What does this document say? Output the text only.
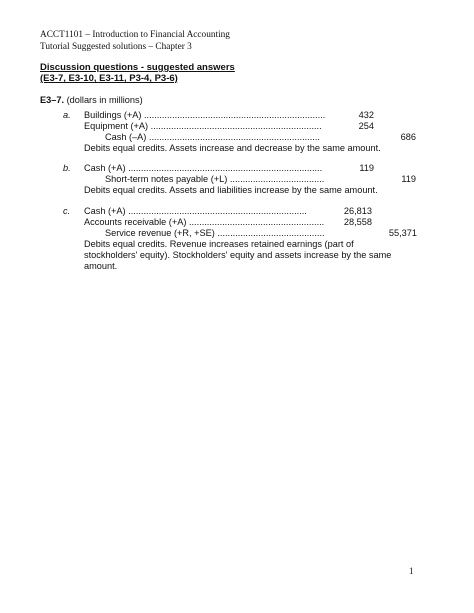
ACCT1101 – Introduction to Financial Accounting
Tutorial Suggested solutions – Chapter 3
Discussion questions - suggested answers
(E3-7, E3-10, E3-11, P3-4, P3-6)
E3–7. (dollars in millions)
a. Buildings (+A) .......................................................................	432
Equipment (+A) ...................................................................	254
Cash (–A) ...................................................................	686
Debits equal credits. Assets increase and decrease by the same amount.
b. Cash (+A) ............................................................................	119
Short-term notes payable (+L) .....................................	119
Debits equal credits. Assets and liabilities increase by the same amount.
c. Cash (+A) ......................................................................	26,813
Accounts receivable (+A) .....................................................	28,558
Service revenue (+R, +SE) ..........................................	55,371
Debits equal credits. Revenue increases retained earnings (part of
stockholders' equity). Stockholders' equity and assets increase by the same
amount.
1
